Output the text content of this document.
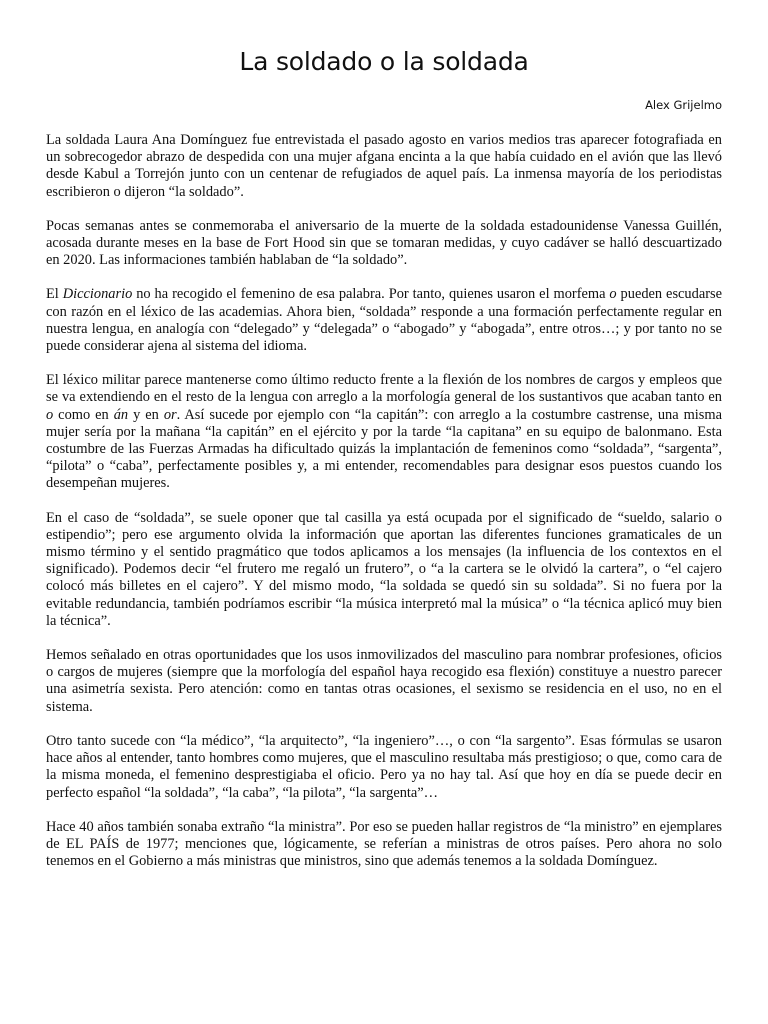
La soldado o la soldada
Alex Grijelmo

La soldada Laura Ana Domínguez fue entrevistada el pasado agosto en varios medios tras aparecer fotografiada en un sobrecogedor abrazo de despedida con una mujer afgana encinta a la que había cuidado en el avión que las llevó desde Kabul a Torrejón junto con un centenar de refugiados de aquel país. La inmensa mayoría de los periodistas escribieron o dijeron “la soldado”.

Pocas semanas antes se conmemoraba el aniversario de la muerte de la soldada estadounidense Vanessa Guillén, acosada durante meses en la base de Fort Hood sin que se tomaran medidas, y cuyo cadáver se halló descuartizado en 2020. Las informaciones también hablaban de “la soldado”.

El Diccionario no ha recogido el femenino de esa palabra. Por tanto, quienes usaron el morfema o pueden escudarse con razón en el léxico de las academias. Ahora bien, “soldada” responde a una formación perfectamente regular en nuestra lengua, en analogía con “delegado” y “delegada” o “abogado” y “abogada”, entre otros…; y por tanto no se puede considerar ajena al sistema del idioma.

El léxico militar parece mantenerse como último reducto frente a la flexión de los nombres de cargos y empleos que se va extendiendo en el resto de la lengua con arreglo a la morfología general de los sustantivos que acaban tanto en o como en án y en or. Así sucede por ejemplo con “la capitán”: con arreglo a la costumbre castrense, una misma mujer sería por la mañana “la capitán” en el ejército y por la tarde “la capitana” en su equipo de balonmano. Esta costumbre de las Fuerzas Armadas ha dificultado quizás la implantación de femeninos como “soldada”, “sargenta”, “pilota” o “caba”, perfectamente posibles y, a mi entender, recomendables para designar esos puestos cuando los desempeñan mujeres.

En el caso de “soldada”, se suele oponer que tal casilla ya está ocupada por el significado de “sueldo, salario o estipendio”; pero ese argumento olvida la información que aportan las diferentes funciones gramaticales de un mismo término y el sentido pragmático que todos aplicamos a los mensajes (la influencia de los contextos en el significado). Podemos decir “el frutero me regaló un frutero”, o “a la cartera se le olvidó la cartera”, o “el cajero colocó más billetes en el cajero”. Y del mismo modo, “la soldada se quedó sin su soldada”. Si no fuera por la evitable redundancia, también podríamos escribir “la música interpretó mal la música” o “la técnica aplicó muy bien la técnica”.

Hemos señalado en otras oportunidades que los usos inmovilizados del masculino para nombrar profesiones, oficios o cargos de mujeres (siempre que la morfología del español haya recogido esa flexión) constituye a nuestro parecer una asimetría sexista. Pero atención: como en tantas otras ocasiones, el sexismo se residencia en el uso, no en el sistema.

Otro tanto sucede con “la médico”, “la arquitecto”, “la ingeniero”…, o con “la sargento”. Esas fórmulas se usaron hace años al entender, tanto hombres como mujeres, que el masculino resultaba más prestigioso; o que, como cara de la misma moneda, el femenino desprestigiaba el oficio. Pero ya no hay tal. Así que hoy en día se puede decir en perfecto español “la soldada”, “la caba”, “la pilota”, “la sargenta”…

Hace 40 años también sonaba extraño “la ministra”. Por eso se pueden hallar registros de “la ministro” en ejemplares de EL PAÍS de 1977; menciones que, lógicamente, se referían a ministras de otros países. Pero ahora no solo tenemos en el Gobierno a más ministras que ministros, sino que además tenemos a la soldada Domínguez.
